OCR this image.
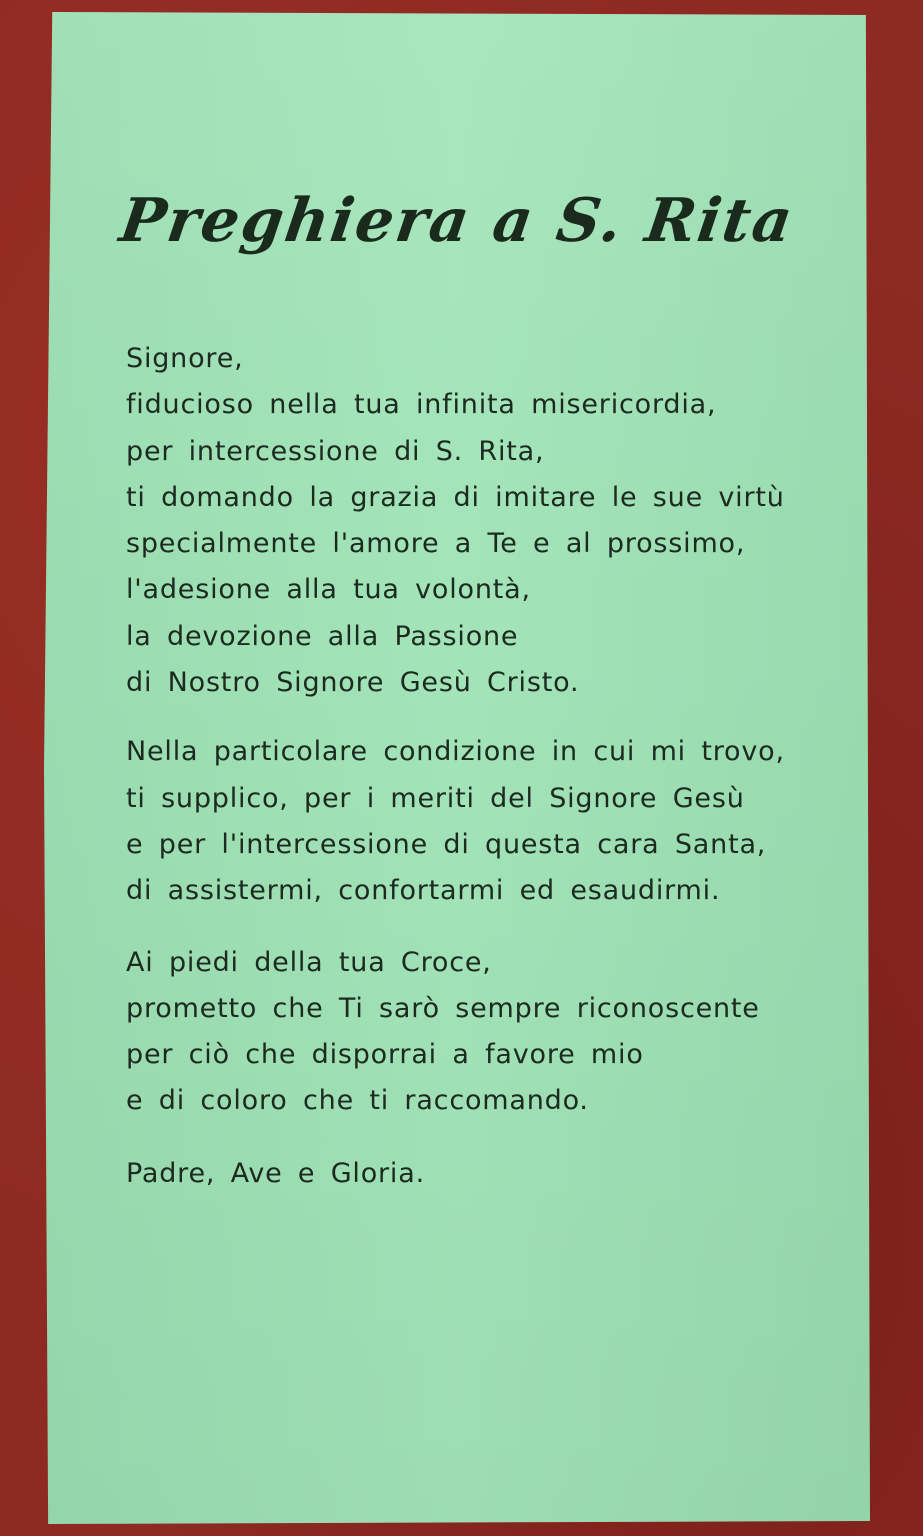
Preghiera a S. Rita
Signore,
fiducioso nella tua infinita misericordia,
per intercessione di S. Rita,
ti domando la grazia di imitare le sue virtù
specialmente l'amore a Te e al prossimo,
l'adesione alla tua volontà,
la devozione alla Passione
di Nostro Signore Gesù Cristo.
Nella particolare condizione in cui mi trovo,
ti supplico, per i meriti del Signore Gesù
e per l'intercessione di questa cara Santa,
di assistermi, confortarmi ed esaudirmi.
Ai piedi della tua Croce,
prometto che Ti sarò sempre riconoscente
per ciò che disporrai a favore mio
e di coloro che ti raccomando.
Padre, Ave e Gloria.
